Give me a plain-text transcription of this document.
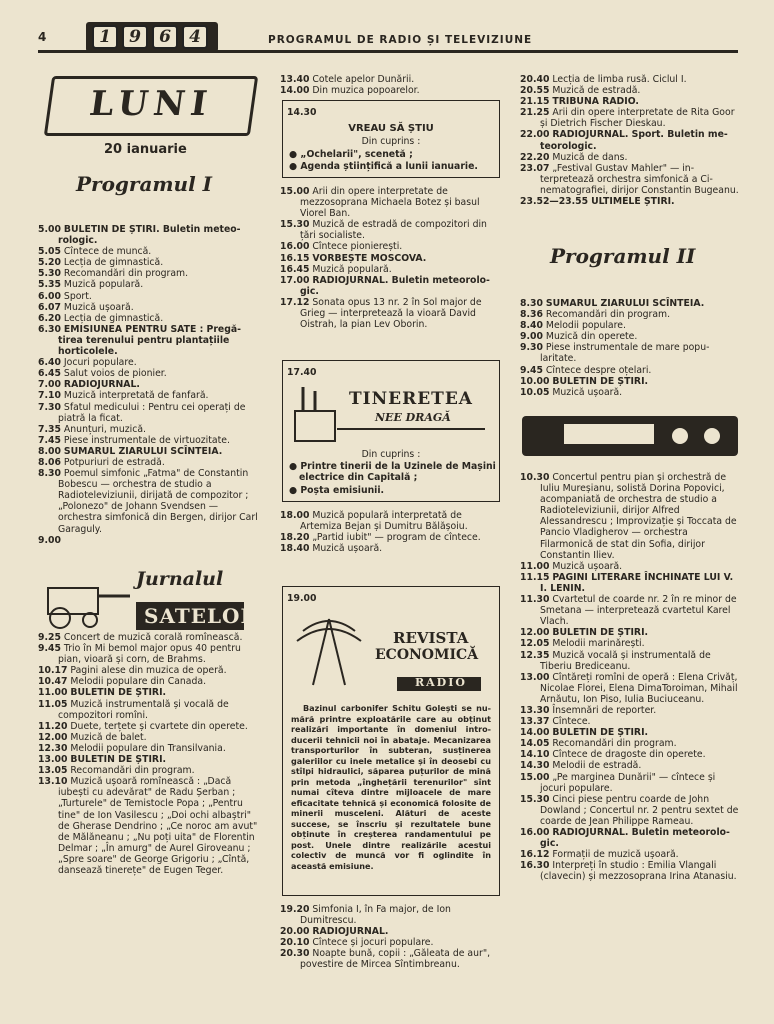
4	1 9 6 4	PROGRAMUL DE RADIO ȘI TELEVIZIUNE
LUNI
20 ianuarie
Programul I

5.00 BULETIN DE ȘTIRI. Buletin meteorologic.

5.05 Cîntece de muncă.

5.20 Lecția de gimnastică.

5.30 Recomandări din program.

5.35 Muzică populară.

6.00 Sport.

6.07 Muzică ușoară.

6.20 Lecția de gimnastică.

6.30 EMISIUNEA PENTRU SATE : Pregătirea terenului pentru plantațiile horticolele.

6.40 Jocuri populare.

6.45 Salut voios de pionier.

7.00 RADIOJURNAL.

7.10 Muzică interpretată de fanfară.

7.30 Sfatul medicului : Pentru cei operați de piatră la ficat.

7.35 Anunțuri, muzică.

7.45 Piese instrumentale de virtuozitate.

8.00 SUMARUL ZIARULUI SCÎNTEIA.

8.06 Potpuriuri de estradă.

8.30 Poemul simfonic „Fatma" de Constantin Bobescu — orchestra de studio a Radioteleviziunii, dirijată de compozitor ; „Polonezo" de Johann Svendsen — orchestra simfonică din Bergen, dirijor Carl Garaguly.

9.00

Jurnalul
SATELOR

9.25 Concert de muzică corală romînească.

9.45 Trio în Mi bemol major opus 40 pentru pian, vioară și corn, de Brahms.

10.17 Pagini alese din muzica de operă.

10.47 Melodii populare din Canada.

11.00 BULETIN DE ȘTIRI.

11.05 Muzică instrumentală și vocală de compozitori romîni.

11.20 Duete, terțete și cvartete din operete.

12.00 Muzică de balet.

12.30 Melodii populare din Transilvania.

13.00 BULETIN DE ȘTIRI.

13.05 Recomandări din program.

13.10 Muzică ușoară romînească : „Dacă iubești cu adevărat" de Radu Șerban ; „Turturele" de Temistocle Popa ; „Pentru tine" de Ion Vasilescu ; „Doi ochi albaștri" de Gherase Dendrino ; „Ce noroc am avut" de Mălăneanu ; „Nu poți uita" de Florentin Delmar ; „În amurg" de Aurel Giroveanu ; „Spre soare" de George Grigoriu ; „Cîntă, dansează tinerețe" de Eugen Teger.

13.40 Cotele apelor Dunării.

14.00 Din muzica popoarelor.

14.30
VREAU SĂ ȘTIU
Din cuprins :
● „Ochelarii", scenetă ;
● Agenda științifică a lunii ianuarie.

15.00 Arii din opere interpretate de mezzosoprana Michaela Botez și basul Viorel Ban.

15.30 Muzică de estradă de compozitori din țări socialiste.

16.00 Cîntece pionierești.

16.15 VORBEȘTE MOSCOVA.

16.45 Muzică populară.

17.00 RADIOJURNAL. Buletin meteorologic.

17.12 Sonata opus 13 nr. 2 în Sol major de Grieg — interpretează la vioară David Oistrah, la pian Lev Oborin.

17.40
TINERETEA
NEE DRAGĂ
Din cuprins :
● Printre tinerii de la Uzinele de Mașini electrice din Capitală ;
● Poșta emisiunii.

18.00 Muzică populară interpretată de Artemiza Bejan și Dumitru Bălășoiu.

18.20 „Partid iubit" — program de cîntece.

18.40 Muzică ușoară.

19.00
REVISTA
ECONOMICĂ
RADIO
Bazinul carbonifer Schitu Golești se numără printre exploatările care au obținut realizări importante în domeniul introducerii tehnicii noi în abataje. Mecanizarea transporturilor în subteran, susținerea galeriilor cu inele metalice și în deosebi cu stîlpi hidraulici, săparea puțurilor de mină prin metoda „înghețării terenurilor" sînt numai cîteva dintre mijloacele de mare eficacitate tehnică și economică folosite de minerii musceleni. Alături de aceste succese, se înscriu și rezultatele bune obținute în creșterea randamentului pe post. Unele dintre realizările acestui colectiv de muncă vor fi oglindite în această emisiune.

19.20 Simfonia I, în Fa major, de Ion Dumitrescu.

20.00 RADIOJURNAL.

20.10 Cîntece și jocuri populare.

20.30 Noapte bună, copii : „Găleata de aur", povestire de Mircea Sîntimbreanu.

20.40 Lecția de limba rusă. Ciclul I.

20.55 Muzică de estradă.

21.15 TRIBUNA RADIO.

21.25 Arii din opere interpretate de Rita Goor și Dietrich Fischer Dieskau.

22.00 RADIOJURNAL. Sport. Buletin meteorologic.

22.20 Muzică de dans.

23.07 „Festival Gustav Mahler" — interpretează orchestra simfonică a Cinematografiei, dirijor Constantin Bugeanu.

23.52—23.55 ULTIMELE ȘTIRI.

Programul II

8.30 SUMARUL ZIARULUI SCÎNTEIA.

8.36 Recomandări din program.

8.40 Melodii populare.

9.00 Muzică din operete.

9.30 Piese instrumentale de mare popularitate.

9.45 Cîntece despre oțelari.

10.00 BULETIN DE ȘTIRI.

10.05 Muzică ușoară.

10.30 Concertul pentru pian și orchestră de Iuliu Mureșianu, solistă Dorina Popovici, acompaniată de orchestra de studio a Radioteleviziunii, dirijor Alfred Alessandrescu ; Improvizație și Toccata de Pancio Vladigherov — orchestra Filarmonică de stat din Sofia, dirijor Constantin Iliev.

11.00 Muzică ușoară.

11.15 PAGINI LITERARE ÎNCHINATE LUI V. I. LENIN.

11.30 Cvartetul de coarde nr. 2 în re minor de Smetana — interpretează cvartetul Karel Vlach.

12.00 BULETIN DE ȘTIRI.

12.05 Melodii marinărești.

12.35 Muzică vocală și instrumentală de Tiberiu Brediceanu.

13.00 Cîntăreți romîni de operă : Elena Crivăț, Nicolae Florei, Elena DimaToroiman, Mihail Arnăutu, Ion Piso, Iulia Buciuceanu.

13.30 Însemnări de reporter.

13.37 Cîntece.

14.00 BULETIN DE ȘTIRI.

14.05 Recomandări din program.

14.10 Cîntece de dragoste din operete.

14.30 Melodii de estradă.

15.00 „Pe marginea Dunării" — cîntece și jocuri populare.

15.30 Cinci piese pentru coarde de John Dowland ; Concertul nr. 2 pentru sextet de coarde de Jean Philippe Rameau.

16.00 RADIOJURNAL. Buletin meteorologic.

16.12 Formații de muzică ușoară.

16.30 Interpreți în studio : Emilia Vlangali (clavecin) și mezzosoprana Irina Atanasiu.
